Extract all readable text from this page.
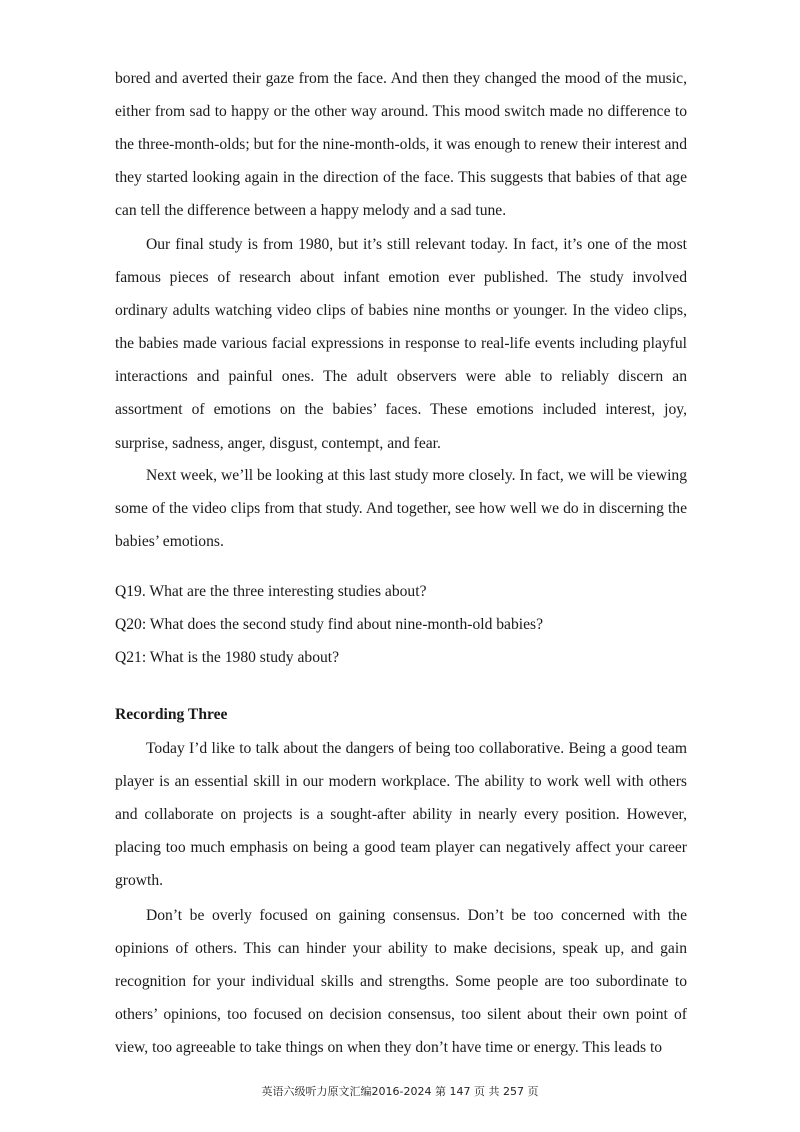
bored and averted their gaze from the face. And then they changed the mood of the music, either from sad to happy or the other way around. This mood switch made no difference to the three-month-olds; but for the nine-month-olds, it was enough to renew their interest and they started looking again in the direction of the face. This suggests that babies of that age can tell the difference between a happy melody and a sad tune.

Our final study is from 1980, but it’s still relevant today. In fact, it’s one of the most famous pieces of research about infant emotion ever published. The study involved ordinary adults watching video clips of babies nine months or younger. In the video clips, the babies made various facial expressions in response to real-life events including playful interactions and painful ones. The adult observers were able to reliably discern an assortment of emotions on the babies’ faces. These emotions included interest, joy, surprise, sadness, anger, disgust, contempt, and fear.

Next week, we’ll be looking at this last study more closely. In fact, we will be viewing some of the video clips from that study. And together, see how well we do in discerning the babies’ emotions.

Q19. What are the three interesting studies about?

Q20: What does the second study find about nine-month-old babies?

Q21: What is the 1980 study about?

Recording Three

Today I’d like to talk about the dangers of being too collaborative. Being a good team player is an essential skill in our modern workplace. The ability to work well with others and collaborate on projects is a sought-after ability in nearly every position. However, placing too much emphasis on being a good team player can negatively affect your career growth.

Don’t be overly focused on gaining consensus. Don’t be too concerned with the opinions of others. This can hinder your ability to make decisions, speak up, and gain recognition for your individual skills and strengths. Some people are too subordinate to others’ opinions, too focused on decision consensus, too silent about their own point of view, too agreeable to take things on when they don’t have time or energy. This leads to

英语六级听力原文汇编2016-2024 第 147 页 共 257 页
